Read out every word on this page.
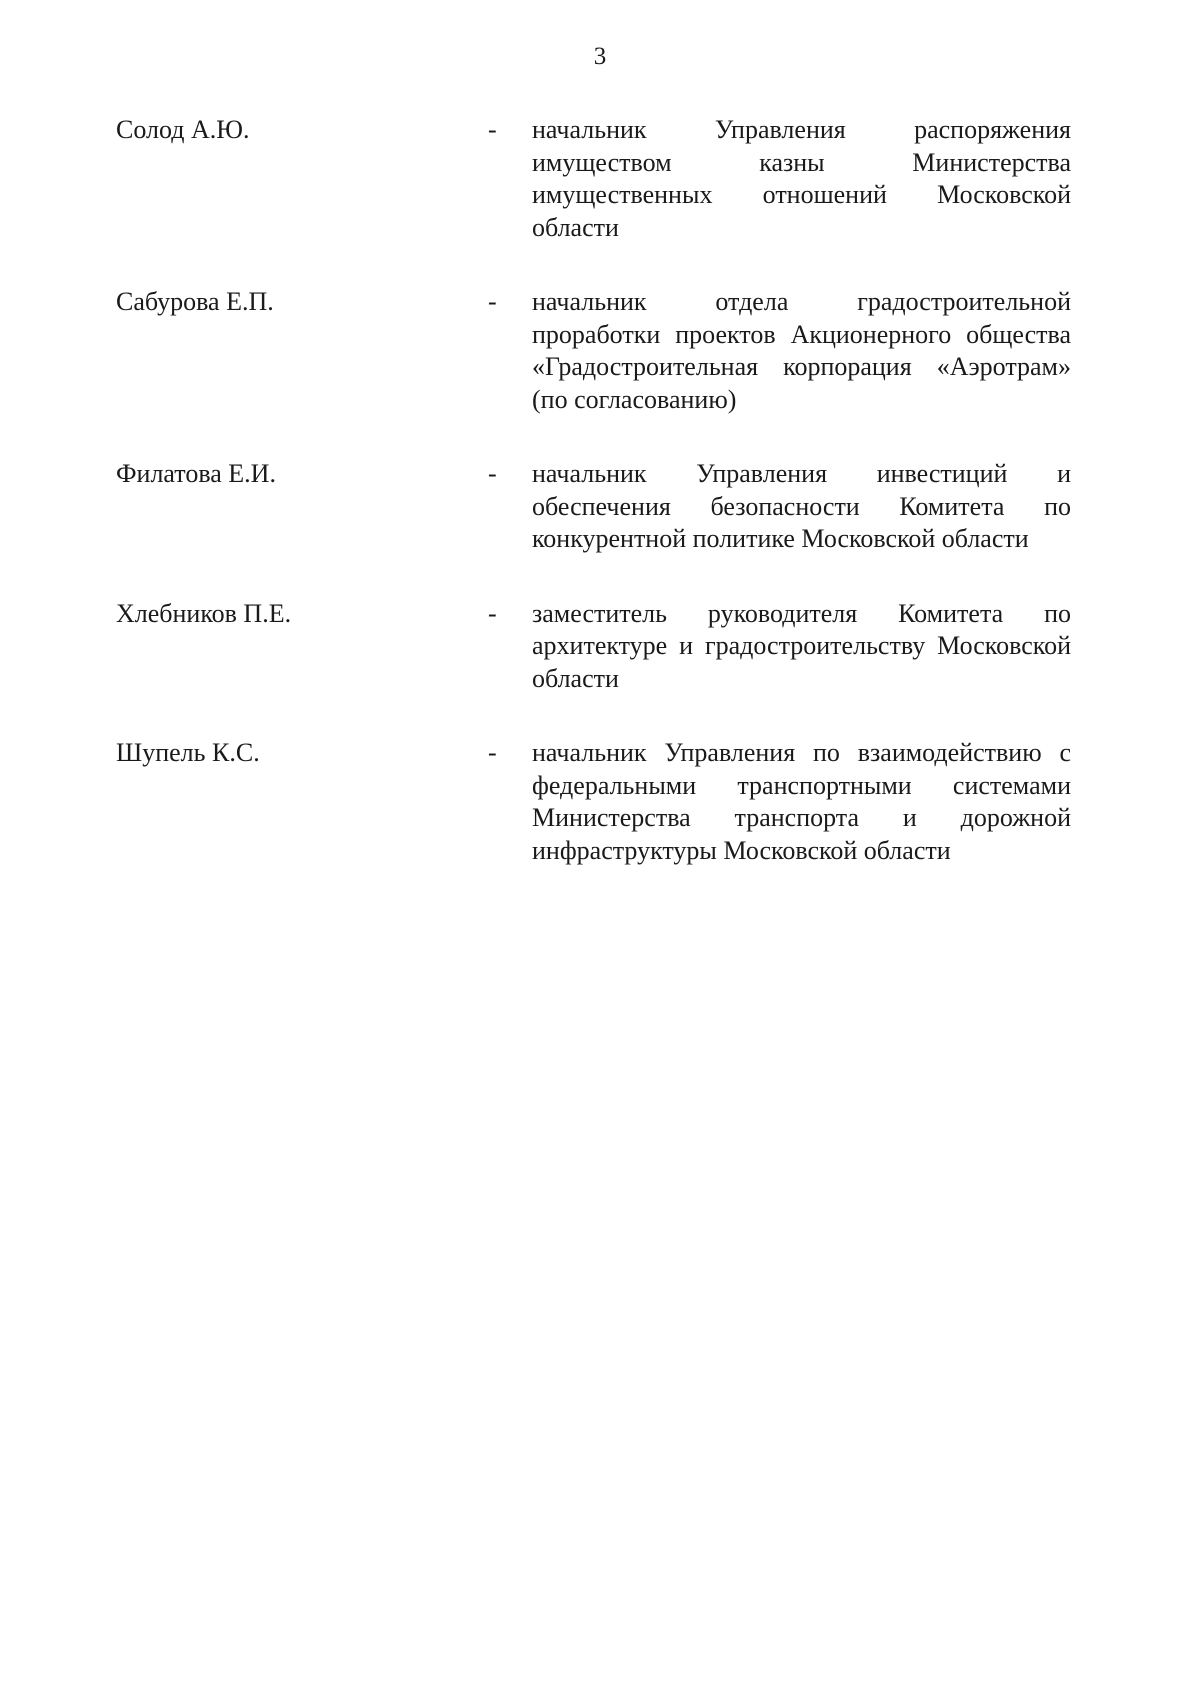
3
Солод А.Ю.	-	начальник Управления распоряжения имуществом казны Министерства имущественных отношений Московской области
Сабурова Е.П.	-	начальник отдела градостроительной проработки проектов Акционерного общества «Градостроительная корпорация «Аэротрам» (по согласованию)
Филатова Е.И.	-	начальник Управления инвестиций и обеспечения безопасности Комитета по конкурентной политике Московской области
Хлебников П.Е.	-	заместитель руководителя Комитета по архитектуре и градостроительству Московской области
Шупель К.С.	-	начальник Управления по взаимодействию с федеральными транспортными системами Министерства транспорта и дорожной инфраструктуры Московской области
